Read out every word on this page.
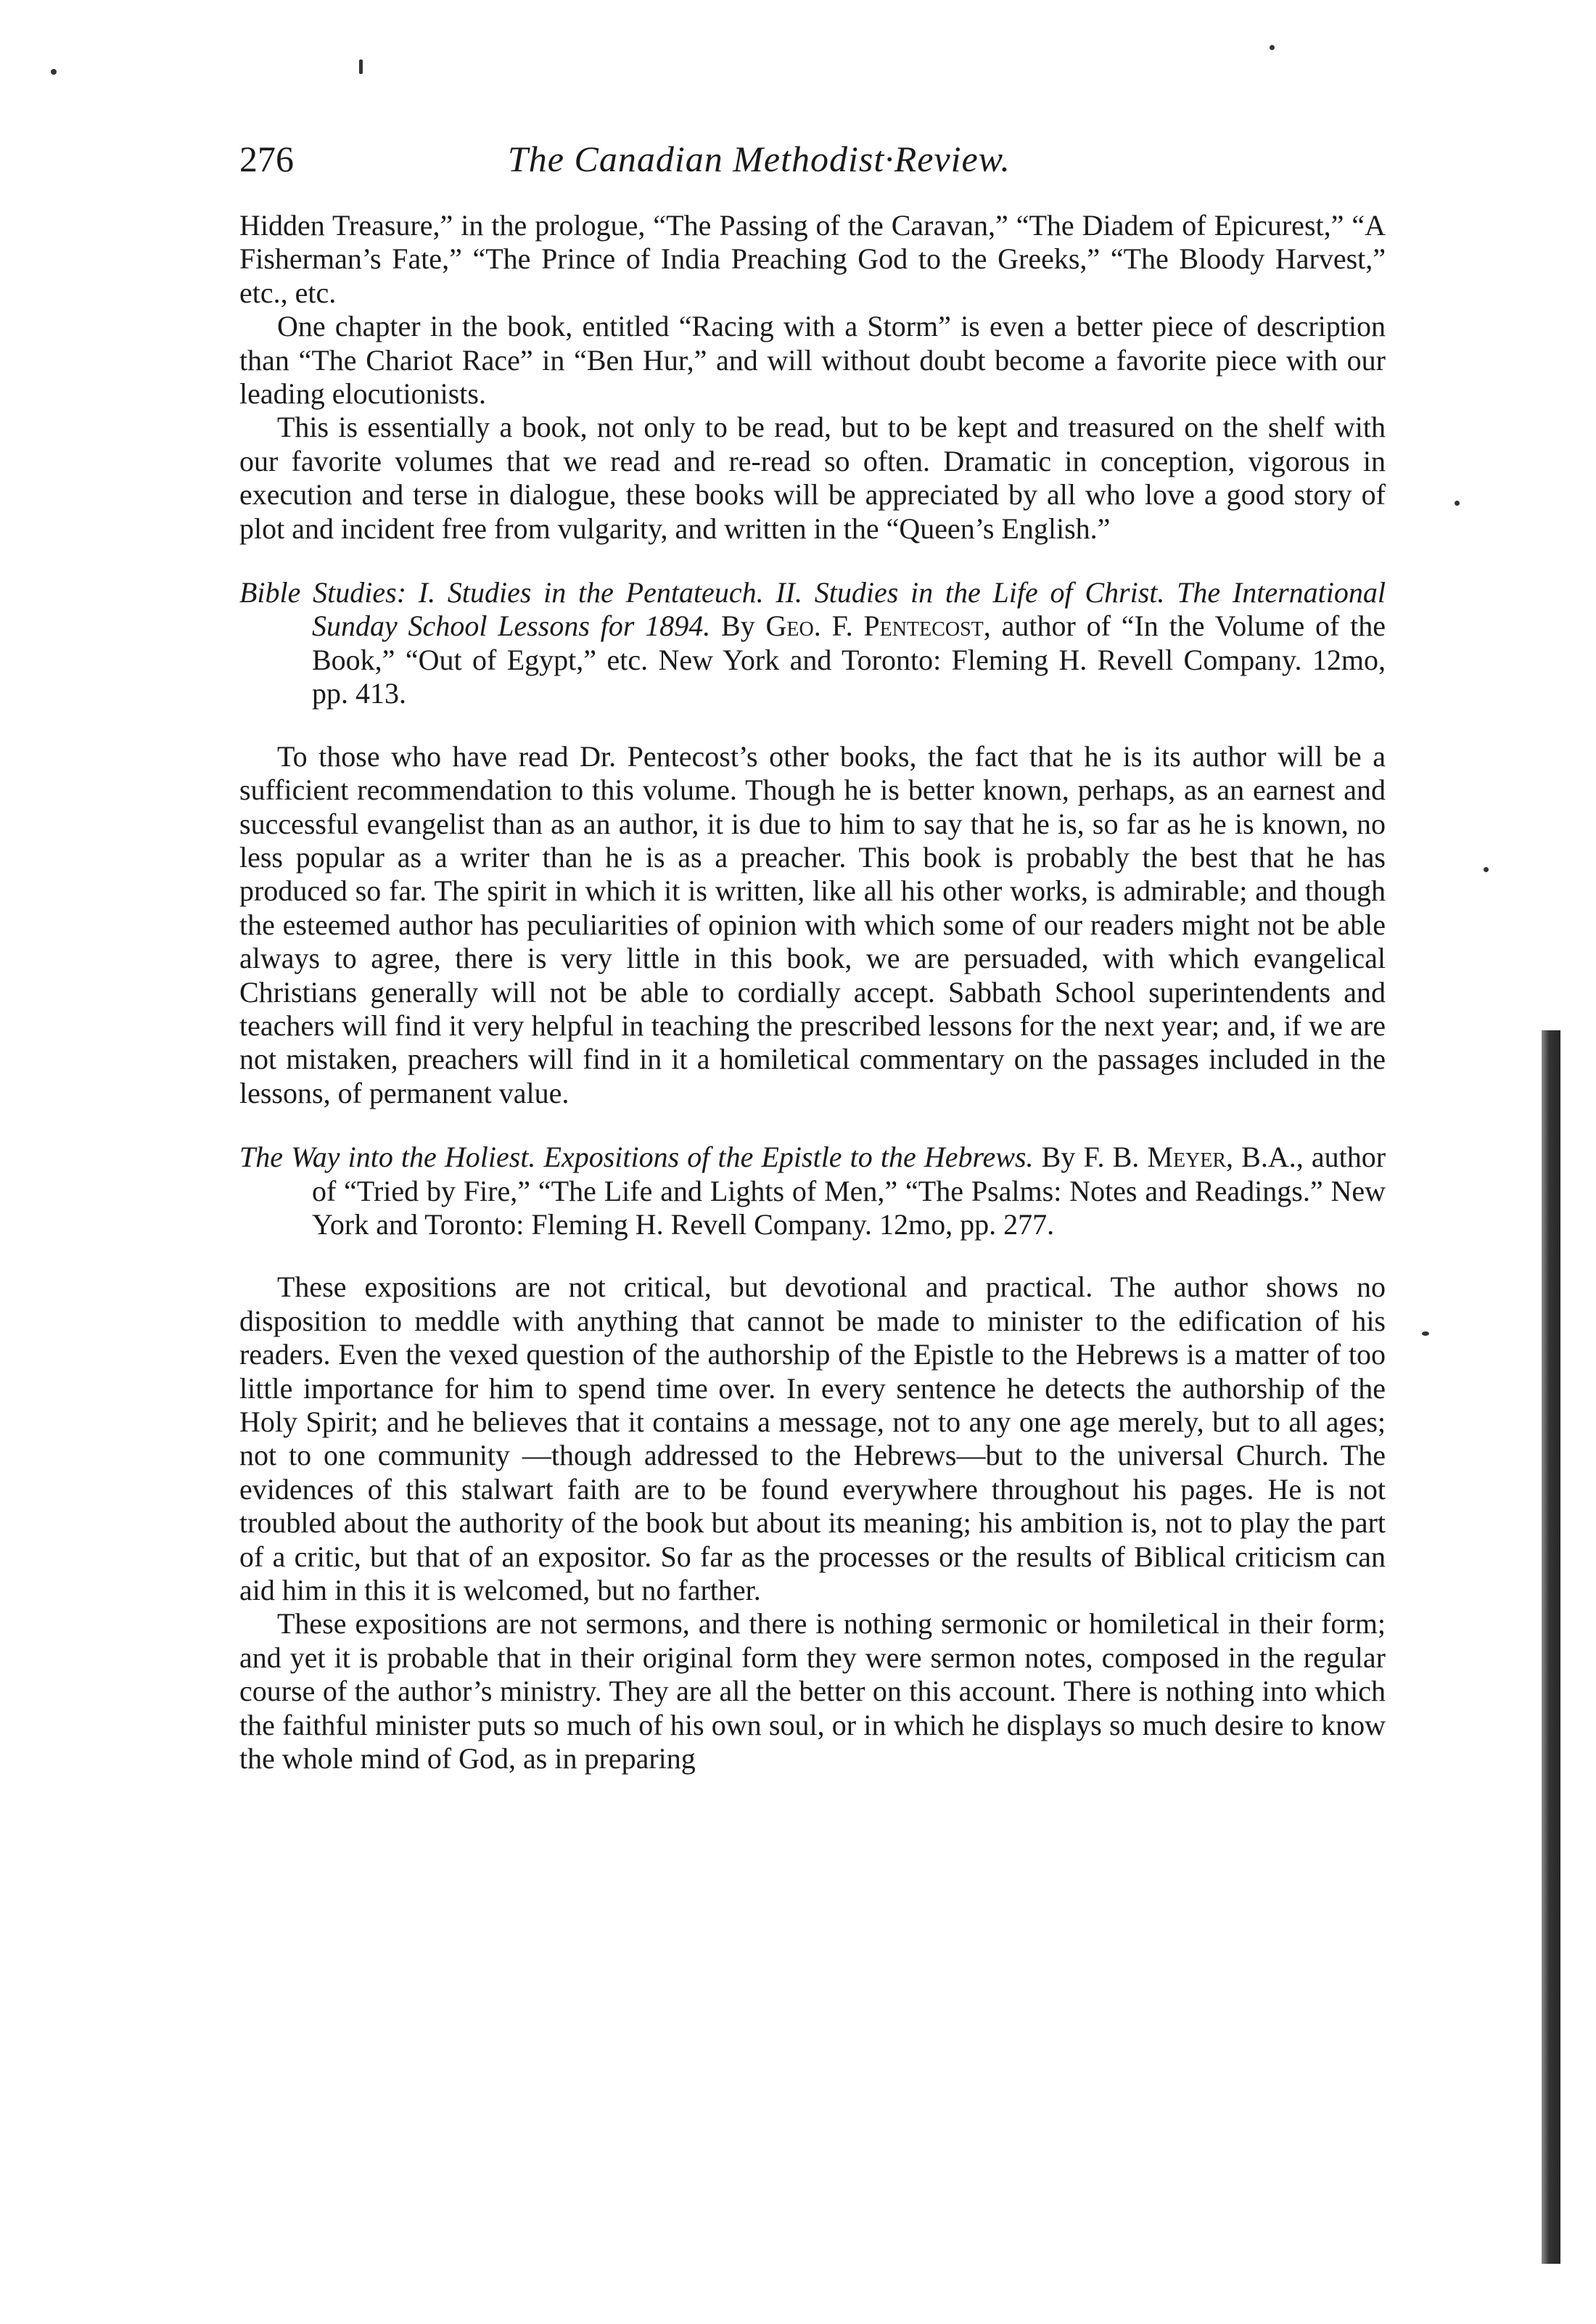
276	The Canadian Methodist·Review.

Hidden Treasure,” in the prologue, “The Passing of the Caravan,” “The Diadem of Epicurest,” “A Fisherman’s Fate,” “The Prince of India Preaching God to the Greeks,” “The Bloody Harvest,” etc., etc.

One chapter in the book, entitled “Racing with a Storm” is even a better piece of description than “The Chariot Race” in “Ben Hur,” and will without doubt become a favorite piece with our leading elocutionists.

This is essentially a book, not only to be read, but to be kept and treasured on the shelf with our favorite volumes that we read and re-read so often. Dramatic in conception, vigorous in execution and terse in dialogue, these books will be appreciated by all who love a good story of plot and incident free from vulgarity, and written in the “Queen’s English.”

Bible Studies: I. Studies in the Pentateuch. II. Studies in the Life of Christ. The International Sunday School Lessons for 1894. By Geo. F. Pentecost, author of “In the Volume of the Book,” “Out of Egypt,” etc. New York and Toronto: Fleming H. Revell Company. 12mo, pp. 413.

To those who have read Dr. Pentecost’s other books, the fact that he is its author will be a sufficient recommendation to this volume. Though he is better known, perhaps, as an earnest and successful evangelist than as an author, it is due to him to say that he is, so far as he is known, no less popular as a writer than he is as a preacher. This book is probably the best that he has produced so far. The spirit in which it is written, like all his other works, is admirable; and though the esteemed author has peculiarities of opinion with which some of our readers might not be able always to agree, there is very little in this book, we are persuaded, with which evangelical Christians generally will not be able to cordially accept. Sabbath School superintendents and teachers will find it very helpful in teaching the prescribed lessons for the next year; and, if we are not mistaken, preachers will find in it a homiletical commentary on the passages included in the lessons, of permanent value.

The Way into the Holiest. Expositions of the Epistle to the Hebrews. By F. B. Meyer, B.A., author of “Tried by Fire,” “The Life and Lights of Men,” “The Psalms: Notes and Readings.” New York and Toronto: Fleming H. Revell Company. 12mo, pp. 277.

These expositions are not critical, but devotional and practical. The author shows no disposition to meddle with anything that cannot be made to minister to the edification of his readers. Even the vexed question of the authorship of the Epistle to the Hebrews is a matter of too little importance for him to spend time over. In every sentence he detects the authorship of the Holy Spirit; and he believes that it contains a message, not to any one age merely, but to all ages; not to one community —though addressed to the Hebrews—but to the universal Church. The evidences of this stalwart faith are to be found everywhere throughout his pages. He is not troubled about the authority of the book but about its meaning; his ambition is, not to play the part of a critic, but that of an expositor. So far as the processes or the results of Biblical criticism can aid him in this it is welcomed, but no farther.

These expositions are not sermons, and there is nothing sermonic or homiletical in their form; and yet it is probable that in their original form they were sermon notes, composed in the regular course of the author’s ministry. They are all the better on this account. There is nothing into which the faithful minister puts so much of his own soul, or in which he displays so much desire to know the whole mind of God, as in preparing
